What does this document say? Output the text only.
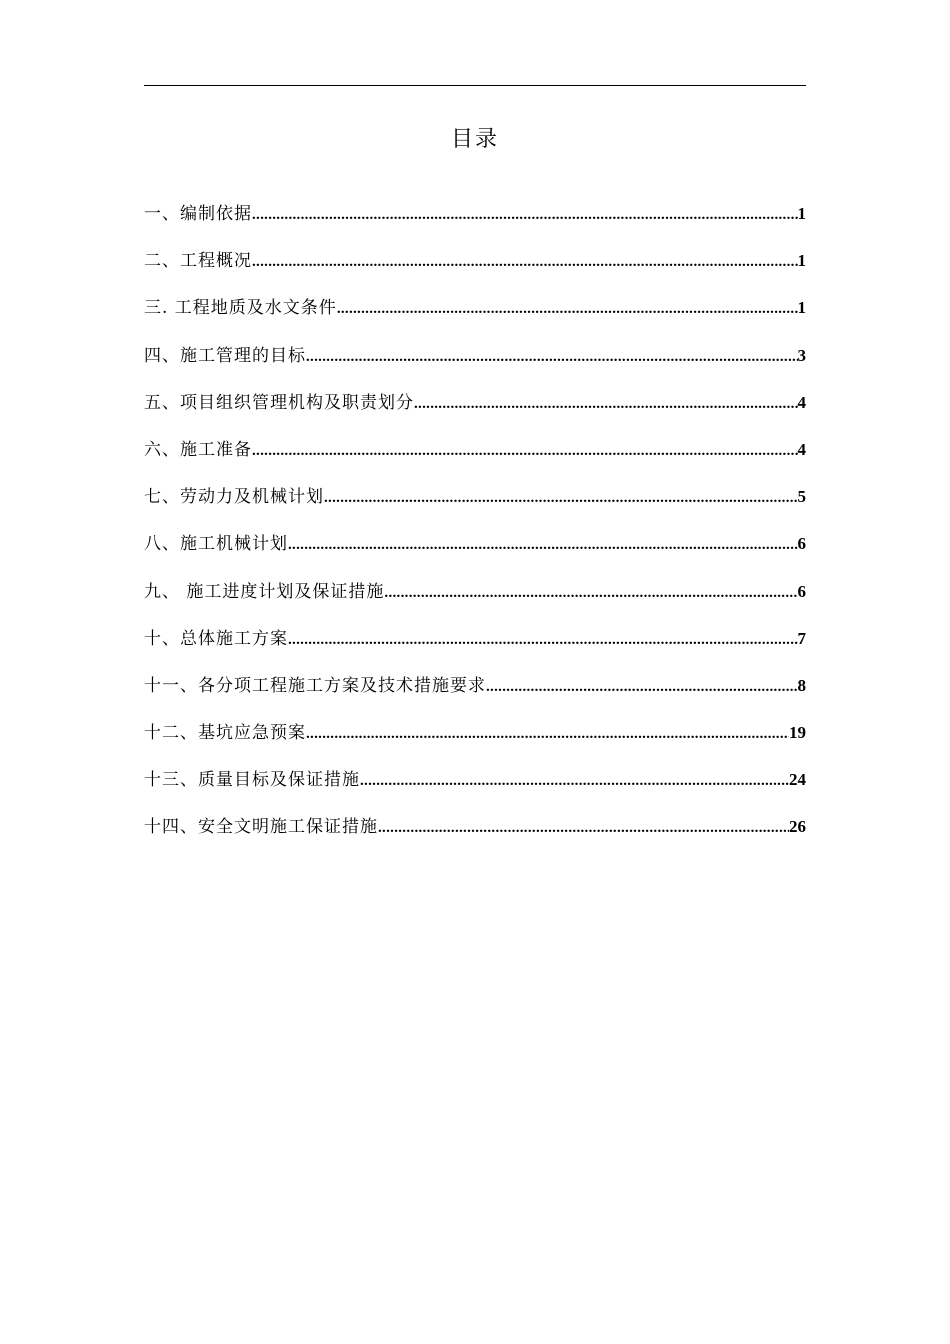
目录
一、编制依据 .....	1
二、工程概况 .....	1
三. 工程地质及水文条件 .....	1
四、施工管理的目标 .....	3
五、项目组织管理机构及职责划分 .....	4
六、施工准备 .....	4
七、劳动力及机械计划 .....	5
八、施工机械计划 .....	6
九、 施工进度计划及保证措施 .....	6
十、总体施工方案 .....	7
十一、各分项工程施工方案及技术措施要求 .....	8
十二、基坑应急预案 .....	19
十三、质量目标及保证措施 .....	24
十四、安全文明施工保证措施 .....	26
